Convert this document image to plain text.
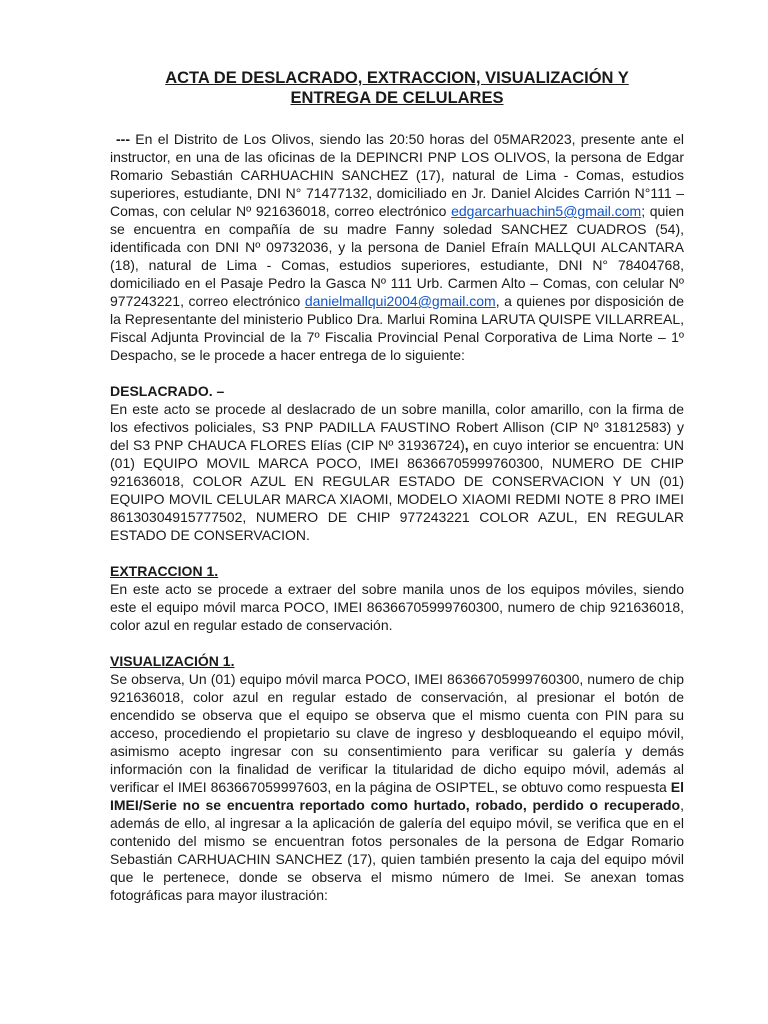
ACTA DE DESLACRADO, EXTRACCION, VISUALIZACIÓN Y
ENTREGA DE CELULARES

--- En el Distrito de Los Olivos, siendo las 20:50 horas del 05MAR2023, presente ante el instructor, en una de las oficinas de la DEPINCRI PNP LOS OLIVOS, la persona de Edgar Romario Sebastián CARHUACHIN SANCHEZ (17), natural de Lima - Comas, estudios superiores, estudiante, DNI N° 71477132, domiciliado en Jr. Daniel Alcides Carrión N°111 – Comas, con celular Nº 921636018, correo electrónico edgarcarhuachin5@gmail.com; quien se encuentra en compañía de su madre Fanny soledad SANCHEZ CUADROS (54), identificada con DNI Nº 09732036, y la persona de Daniel Efraín MALLQUI ALCANTARA (18), natural de Lima - Comas, estudios superiores, estudiante, DNI N° 78404768, domiciliado en el Pasaje Pedro la Gasca Nº 111 Urb. Carmen Alto – Comas, con celular Nº 977243221, correo electrónico danielmallqui2004@gmail.com, a quienes por disposición de la Representante del ministerio Publico Dra. Marlui Romina LARUTA QUISPE VILLARREAL, Fiscal Adjunta Provincial de la 7º Fiscalia Provincial Penal Corporativa de Lima Norte – 1º Despacho, se le procede a hacer entrega de lo siguiente:

DESLACRADO. –

En este acto se procede al deslacrado de un sobre manilla, color amarillo, con la firma de los efectivos policiales, S3 PNP PADILLA FAUSTINO Robert Allison (CIP Nº 31812583) y del S3 PNP CHAUCA FLORES Elías (CIP Nº 31936724), en cuyo interior se encuentra: UN (01) EQUIPO MOVIL MARCA POCO, IMEI 86366705999760300, NUMERO DE CHIP 921636018, COLOR AZUL EN REGULAR ESTADO DE CONSERVACION Y UN (01) EQUIPO MOVIL CELULAR MARCA XIAOMI, MODELO XIAOMI REDMI NOTE 8 PRO IMEI 86130304915777502, NUMERO DE CHIP 977243221 COLOR AZUL, EN REGULAR ESTADO DE CONSERVACION.

EXTRACCION 1.

En este acto se procede a extraer del sobre manila unos de los equipos móviles, siendo este el equipo móvil marca POCO, IMEI 86366705999760300, numero de chip 921636018, color azul en regular estado de conservación.

VISUALIZACIÓN 1.

Se observa, Un (01) equipo móvil marca POCO, IMEI 86366705999760300, numero de chip 921636018, color azul en regular estado de conservación, al presionar el botón de encendido se observa que el equipo se observa que el mismo cuenta con PIN para su acceso, procediendo el propietario su clave de ingreso y desbloqueando el equipo móvil, asimismo acepto ingresar con su consentimiento para verificar su galería y demás información con la finalidad de verificar la titularidad de dicho equipo móvil, además al verificar el IMEI 863667059997603, en la página de OSIPTEL, se obtuvo como respuesta El IMEI/Serie no se encuentra reportado como hurtado, robado, perdido o recuperado, además de ello, al ingresar a la aplicación de galería del equipo móvil, se verifica que en el contenido del mismo se encuentran fotos personales de la persona de Edgar Romario Sebastián CARHUACHIN SANCHEZ (17), quien también presento la caja del equipo móvil que le pertenece, donde se observa el mismo número de Imei. Se anexan tomas fotográficas para mayor ilustración:
